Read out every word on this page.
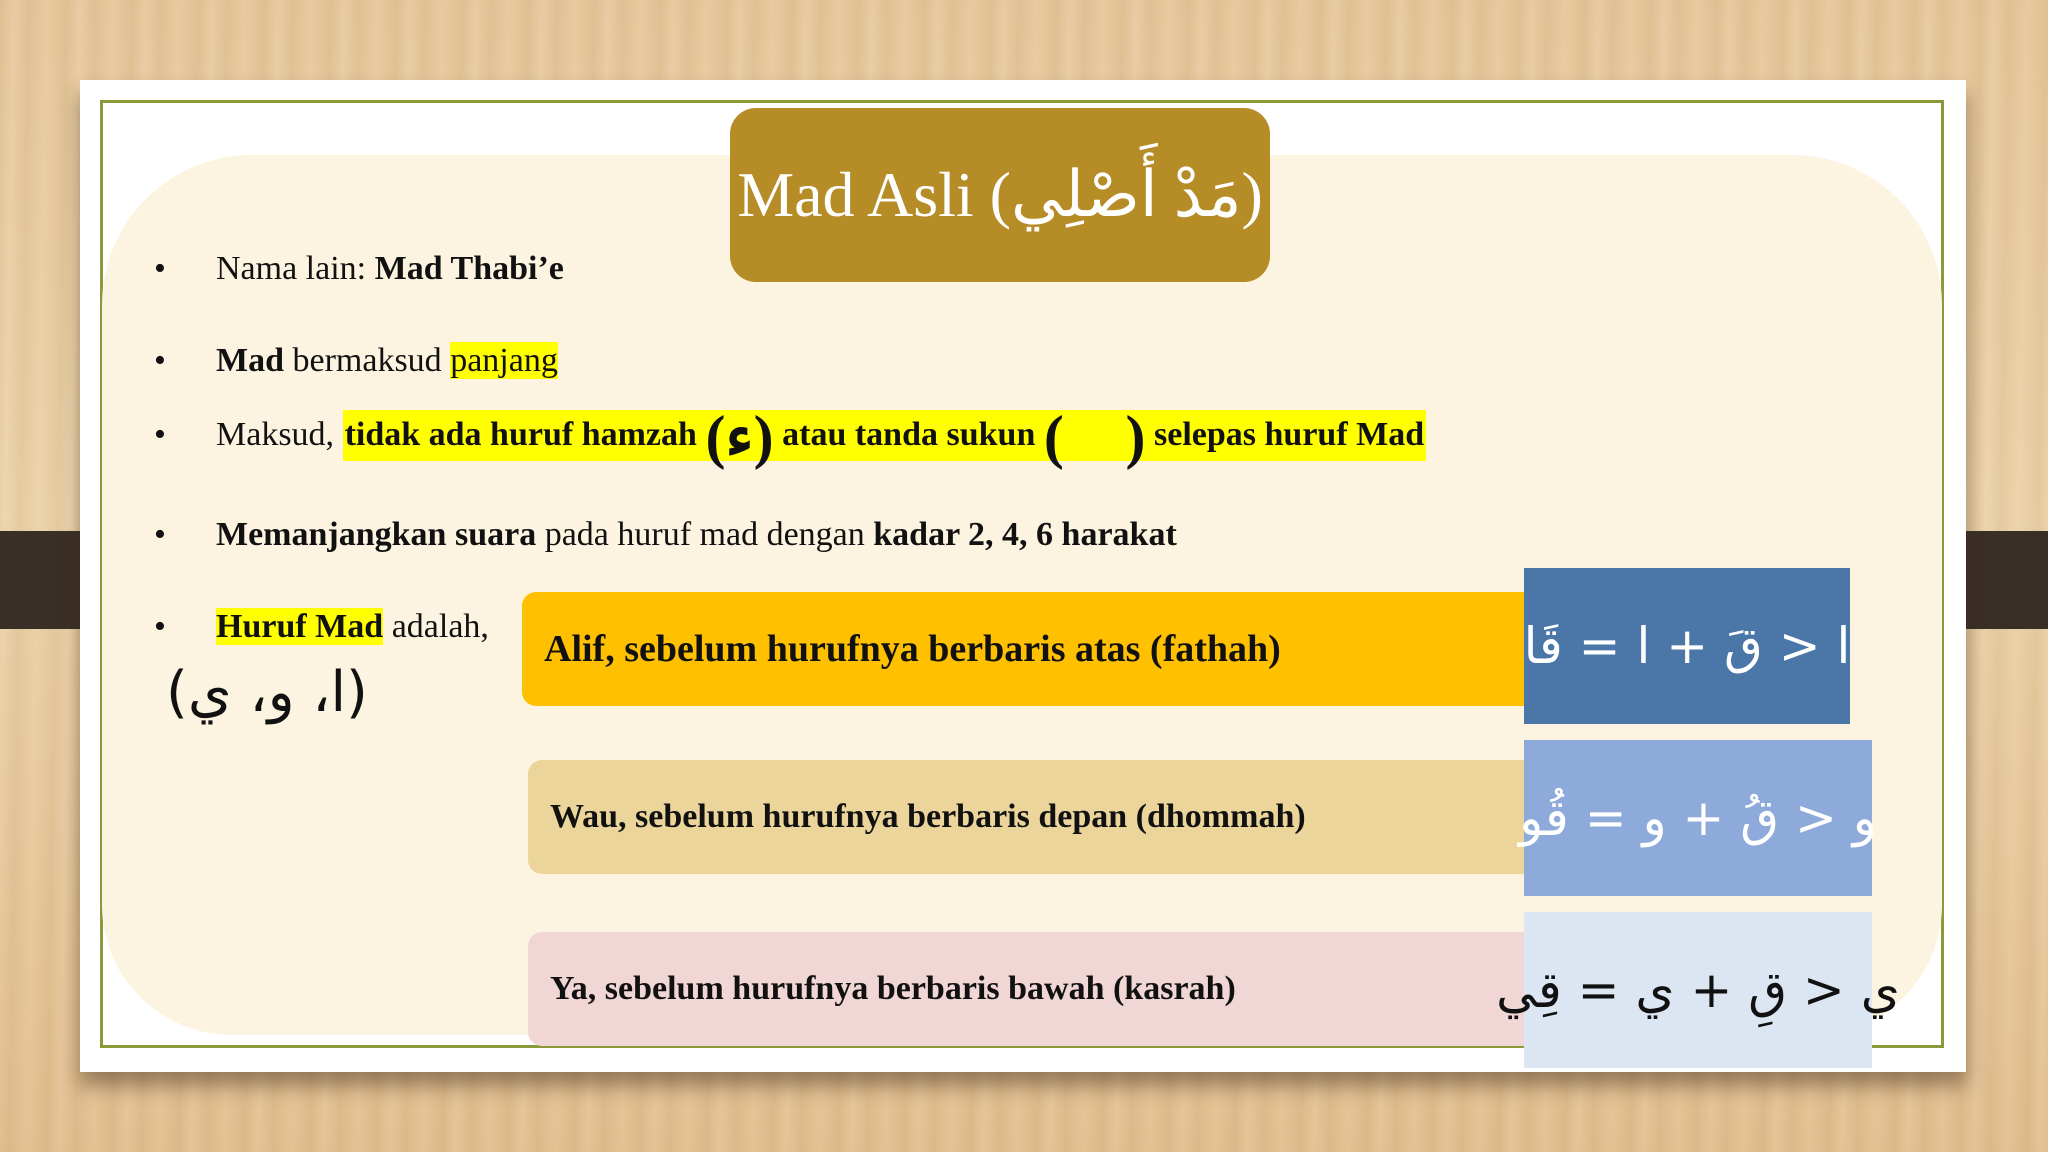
Mad Asli (مَدْ أَصْلِي)
• Nama lain: Mad Thabi’e
• Mad bermaksud panjang
• Maksud, tidak ada huruf hamzah (ء) atau tanda sukun ( ْ) selepas huruf Mad
• Memanjangkan suara pada huruf mad dengan kadar 2, 4, 6 harakat
• Huruf Mad adalah,
(ا، و، ي)
Alif, sebelum hurufnya berbaris atas (fathah)	ا < قَ + ا = قَا
Wau, sebelum hurufnya berbaris depan (dhommah)	و < قُ + و = قُو
Ya, sebelum hurufnya berbaris bawah (kasrah)	ي < قِ + ي = قِي
